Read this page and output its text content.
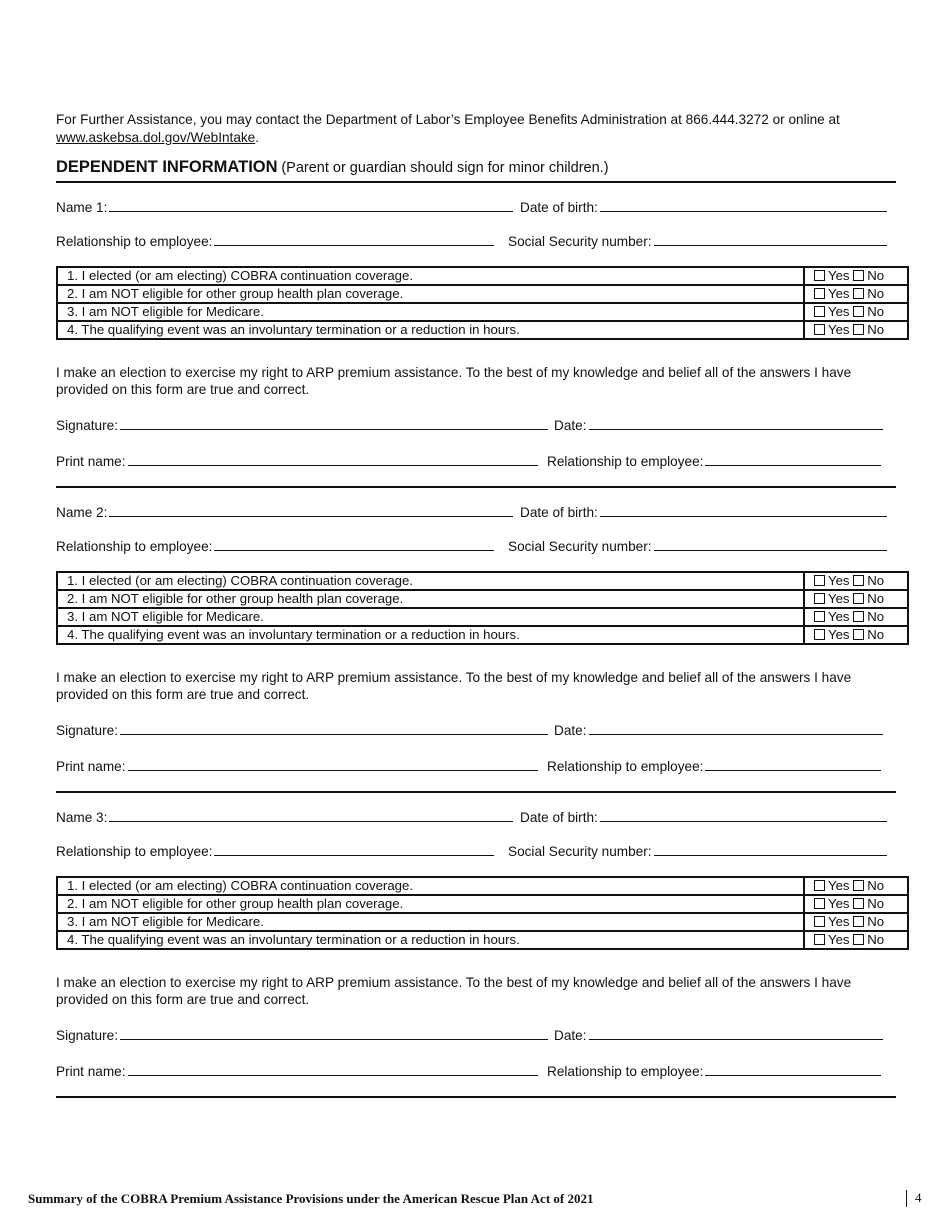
For Further Assistance, you may contact the Department of Labor’s Employee Benefits Administration at 866.444.3272 or online at www.askebsa.dol.gov/WebIntake.
DEPENDENT INFORMATION (Parent or guardian should sign for minor children.)
Name 1:	Date of birth:
Relationship to employee:	Social Security number:
1. I elected (or am electing) COBRA continuation coverage.	Yes No
2. I am NOT eligible for other group health plan coverage.	Yes No
3. I am NOT eligible for Medicare.	Yes No
4. The qualifying event was an involuntary termination or a reduction in hours.	Yes No
I make an election to exercise my right to ARP premium assistance. To the best of my knowledge and belief all of the answers I have provided on this form are true and correct.
Signature:	Date:
Print name:	Relationship to employee:
Name 2:	Date of birth:
Relationship to employee:	Social Security number:
1. I elected (or am electing) COBRA continuation coverage.	Yes No
2. I am NOT eligible for other group health plan coverage.	Yes No
3. I am NOT eligible for Medicare.	Yes No
4. The qualifying event was an involuntary termination or a reduction in hours.	Yes No
I make an election to exercise my right to ARP premium assistance. To the best of my knowledge and belief all of the answers I have provided on this form are true and correct.
Signature:	Date:
Print name:	Relationship to employee:
Name 3:	Date of birth:
Relationship to employee:	Social Security number:
1. I elected (or am electing) COBRA continuation coverage.	Yes No
2. I am NOT eligible for other group health plan coverage.	Yes No
3. I am NOT eligible for Medicare.	Yes No
4. The qualifying event was an involuntary termination or a reduction in hours.	Yes No
I make an election to exercise my right to ARP premium assistance. To the best of my knowledge and belief all of the answers I have provided on this form are true and correct.
Signature:	Date:
Print name:	Relationship to employee:
Summary of the COBRA Premium Assistance Provisions under the American Rescue Plan Act of 2021	4
